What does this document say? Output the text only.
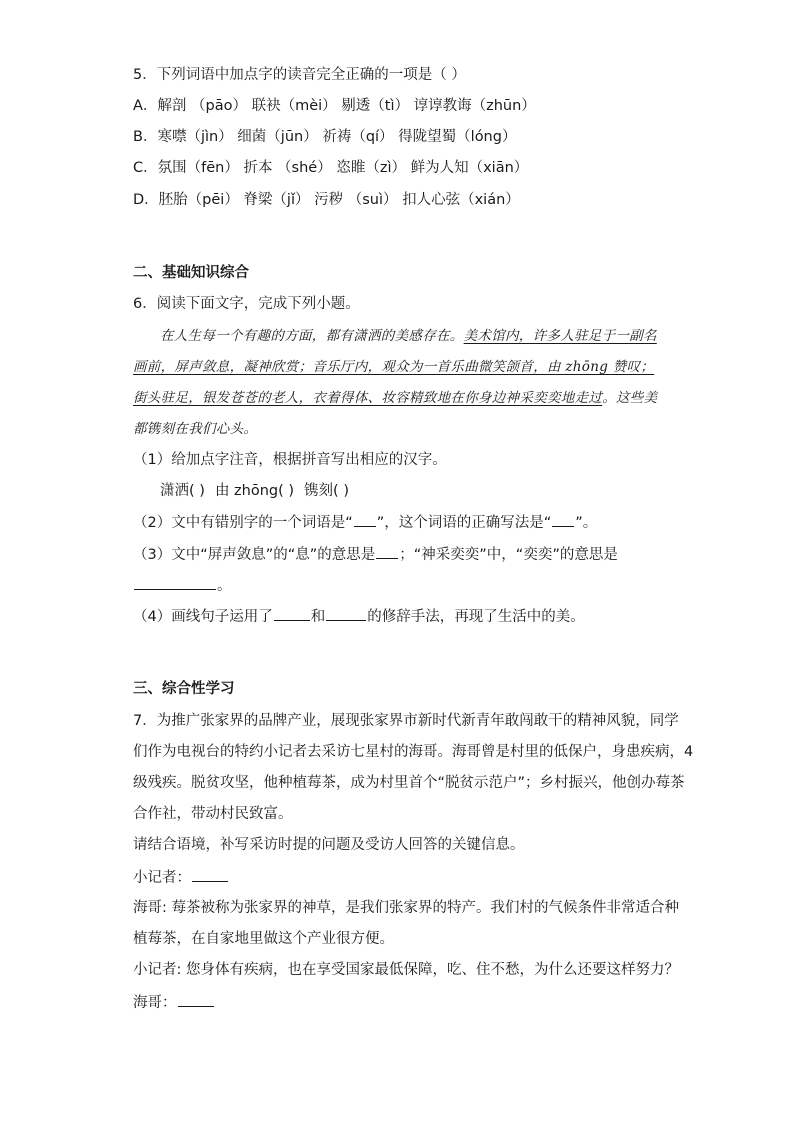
5．下列词语中加点字的读音完全正确的一项是（ ）
A．解剖 （pāo） 联袂（mèi） 剔透（tì） 谆谆教诲（zhūn）
B．寒噤（jìn） 细菌（jūn） 祈祷（qí） 得陇望蜀（lóng）
C．氛围（fēn） 折本 （shé） 恣睢（zì） 鲜为人知（xiān）
D．胚胎（pēi） 脊梁（jǐ） 污秽 （suì） 扣人心弦（xián）
二、基础知识综合
6．阅读下面文字，完成下列小题。
在人生每一个有趣的方面，都有潇洒的美感存在。美术馆内，许多人驻足于一副名
画前，屏声敛息，凝神欣赏；音乐厅内，观众为一首乐曲微笑颌首，由 zhōng 赞叹；
街头驻足，银发苍苍的老人，衣着得体、妆容精致地在你身边神采奕奕地走过。这些美
都镌刻在我们心头。
（1）给加点字注音，根据拼音写出相应的汉字。
潇洒( ) 由 zhōng( ) 镌刻( )
（2）文中有错别字的一个词语是“ ”，这个词语的正确写法是“ ”。
（3）文中“屏声敛息”的“息”的意思是 ；“神采奕奕”中，“奕奕”的意思是
。
（4）画线句子运用了	和	的修辞手法，再现了生活中的美。
三、综合性学习
7．为推广张家界的品牌产业，展现张家界市新时代新青年敢闯敢干的精神风貌，同学
们作为电视台的特约小记者去采访七星村的海哥。海哥曾是村里的低保户，身患疾病，4
级残疾。脱贫攻坚，他种植莓茶，成为村里首个“脱贫示范户”；乡村振兴，他创办莓茶
合作社，带动村民致富。
请结合语境，补写采访时提的问题及受访人回答的关键信息。
小记者：
海哥: 莓茶被称为张家界的神草，是我们张家界的特产。我们村的气候条件非常适合种
植莓茶，在自家地里做这个产业很方便。
小记者: 您身体有疾病，也在享受国家最低保障，吃、住不愁，为什么还要这样努力？
海哥：
